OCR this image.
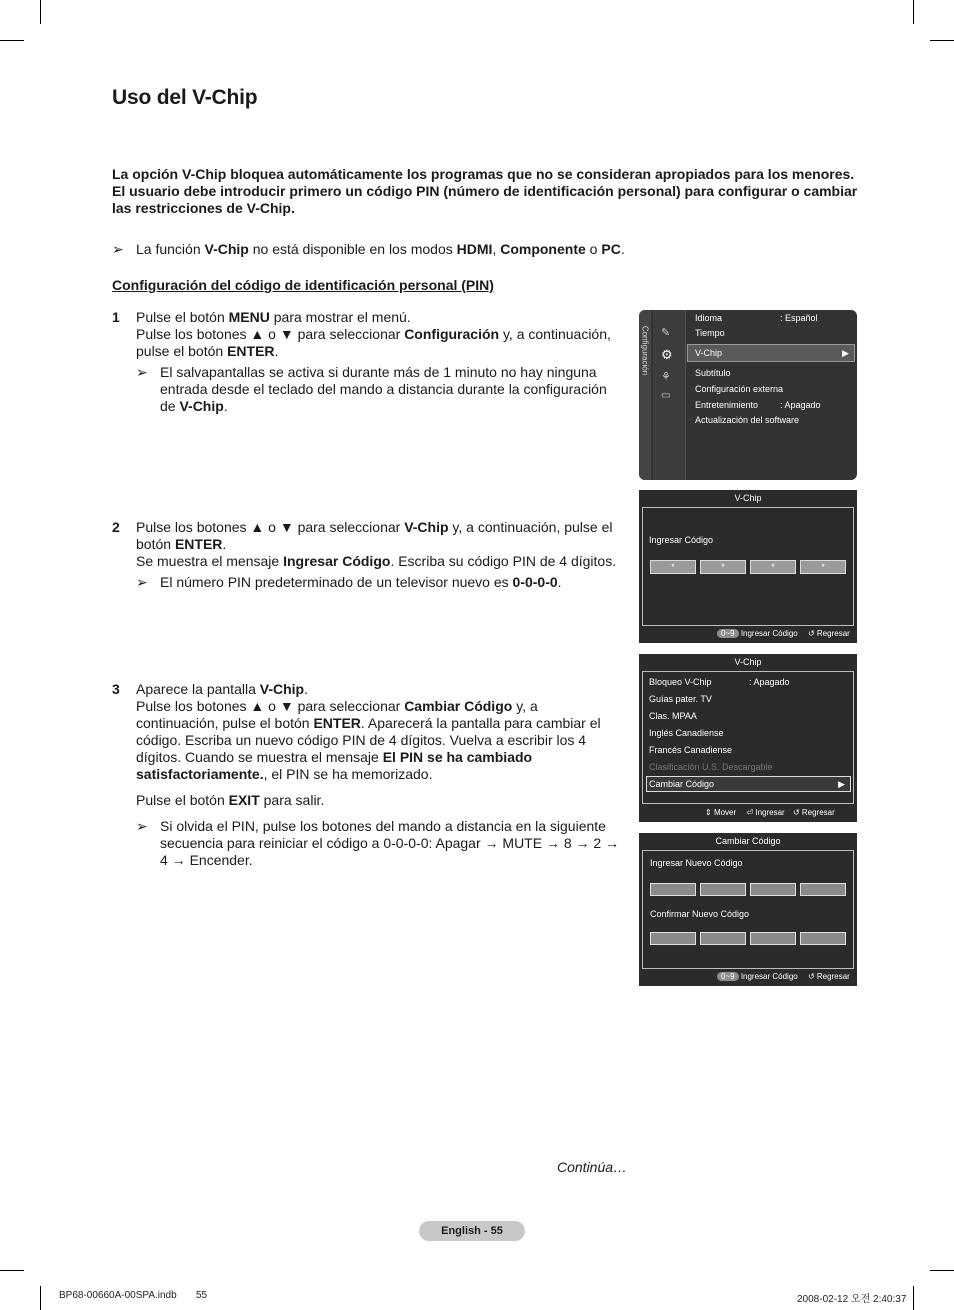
Uso del V-Chip
La opción V-Chip bloquea automáticamente los programas que no se consideran apropiados para los menores. El usuario debe introducir primero un código PIN (número de identificación personal) para configurar o cambiar las restricciones de V-Chip.
➢ La función V-Chip no está disponible en los modos HDMI, Componente o PC.
Configuración del código de identificación personal (PIN)
1 Pulse el botón MENU para mostrar el menú.
Pulse los botones ▲ o ▼ para seleccionar Configuración y, a continuación, pulse el botón ENTER.
➢ El salvapantallas se activa si durante más de 1 minuto no hay ninguna entrada desde el teclado del mando a distancia durante la configuración de V-Chip.
2 Pulse los botones ▲ o ▼ para seleccionar V-Chip y, a continuación, pulse el botón ENTER.
Se muestra el mensaje Ingresar Código. Escriba su código PIN de 4 dígitos.
➢ El número PIN predeterminado de un televisor nuevo es 0-0-0-0.
3 Aparece la pantalla V-Chip.
Pulse los botones ▲ o ▼ para seleccionar Cambiar Código y, a continuación, pulse el botón ENTER. Aparecerá la pantalla para cambiar el código. Escriba un nuevo código PIN de 4 dígitos. Vuelva a escribir los 4 dígitos. Cuando se muestra el mensaje El PIN se ha cambiado satisfactoriamente., el PIN se ha memorizado.
Pulse el botón EXIT para salir.
➢ Si olvida el PIN, pulse los botones del mando a distancia en la siguiente secuencia para reiniciar el código a 0-0-0-0: Apagar → MUTE → 8 → 2 → 4 → Encender.
Configuración ✎
⚙
⚘
▭
Idioma	: Español
Tiempo
V-Chip	▶
Subtítulo
Configuración externa
Entretenimiento : Apagado
Actualización del software
V-Chip
Ingresar Código
*	*	*	*
0~9 Ingresar Código ↺ Regresar
V-Chip
Bloqueo V-Chip	: Apagado
Guías pater. TV
Clas. MPAA
Inglés Canadiense
Francés Canadiense
Clasificación U.S. Descargable
Cambiar Código	▶
⇕ Mover ⏎ Ingresar ↺ Regresar
Cambiar Código
Ingresar Nuevo Código
Confirmar Nuevo Código
0~9 Ingresar Código ↺ Regresar
Continúa…
English - 55
BP68-00660A-00SPA.indb 55	2008-02-12 오전 2:40:37
